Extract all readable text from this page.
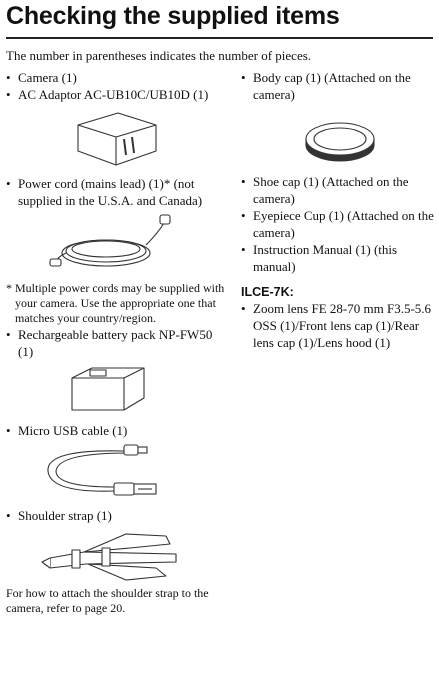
Checking the supplied items
The number in parentheses indicates the number of pieces.
• Camera (1)
• AC Adaptor AC-UB10C/UB10D (1)
• Power cord (mains lead) (1)* (not supplied in the U.S.A. and Canada)
* Multiple power cords may be supplied with your camera. Use the appropriate one that matches your country/region.
• Rechargeable battery pack NP-FW50 (1)
• Micro USB cable (1)
• Shoulder strap (1)
For how to attach the shoulder strap to the camera, refer to page 20.
• Body cap (1) (Attached on the camera)
• Shoe cap (1) (Attached on the camera)
• Eyepiece Cup (1) (Attached on the camera)
• Instruction Manual (1) (this manual)
ILCE-7K:
• Zoom lens FE 28-70 mm F3.5-5.6 OSS (1)/Front lens cap (1)/Rear lens cap (1)/Lens hood (1)
